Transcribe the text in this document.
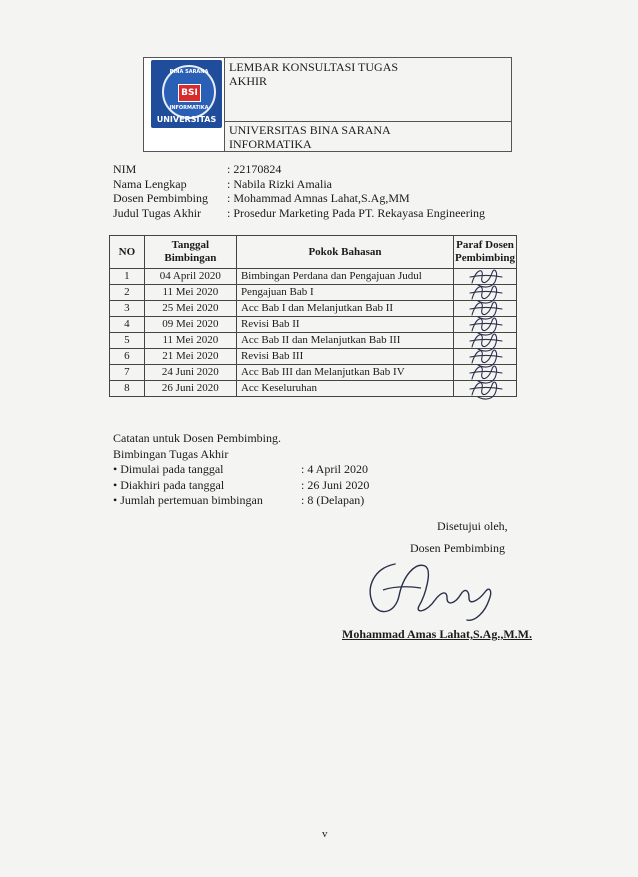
BINA SARANA
BSI
INFORMATIKA
UNIVERSITAS
LEMBAR KONSULTASI TUGAS AKHIR
UNIVERSITAS BINA SARANA INFORMATIKA
NIM	: 22170824
Nama Lengkap	: Nabila Rizki Amalia
Dosen Pembimbing	: Mohammad Amnas Lahat,S.Ag,MM
Judul Tugas Akhir	: Prosedur Marketing Pada PT. Rekayasa Engineering
NO	Tanggal Bimbingan	Pokok Bahasan	Paraf Dosen Pembimbing
1	04 April 2020	Bimbingan Perdana dan Pengajuan Judul	

2	11 Mei 2020	Pengajuan Bab I	

3	25 Mei 2020	Acc Bab I dan Melanjutkan Bab II	

4	09 Mei 2020	Revisi Bab II	

5	11 Mei 2020	Acc Bab II dan Melanjutkan Bab III	

6	21 Mei 2020	Revisi Bab III	

7	24 Juni 2020	Acc Bab III dan Melanjutkan Bab IV	

8	26 Juni 2020	Acc Keseluruhan	
Catatan untuk Dosen Pembimbing.
Bimbingan Tugas Akhir
• Dimulai pada tanggal	: 4 April 2020
• Diakhiri pada tanggal	: 26 Juni 2020
• Jumlah pertemuan bimbingan	: 8 (Delapan)
Disetujui oleh,
Dosen Pembimbing
Mohammad Amas Lahat,S.Ag.,M.M.
v
